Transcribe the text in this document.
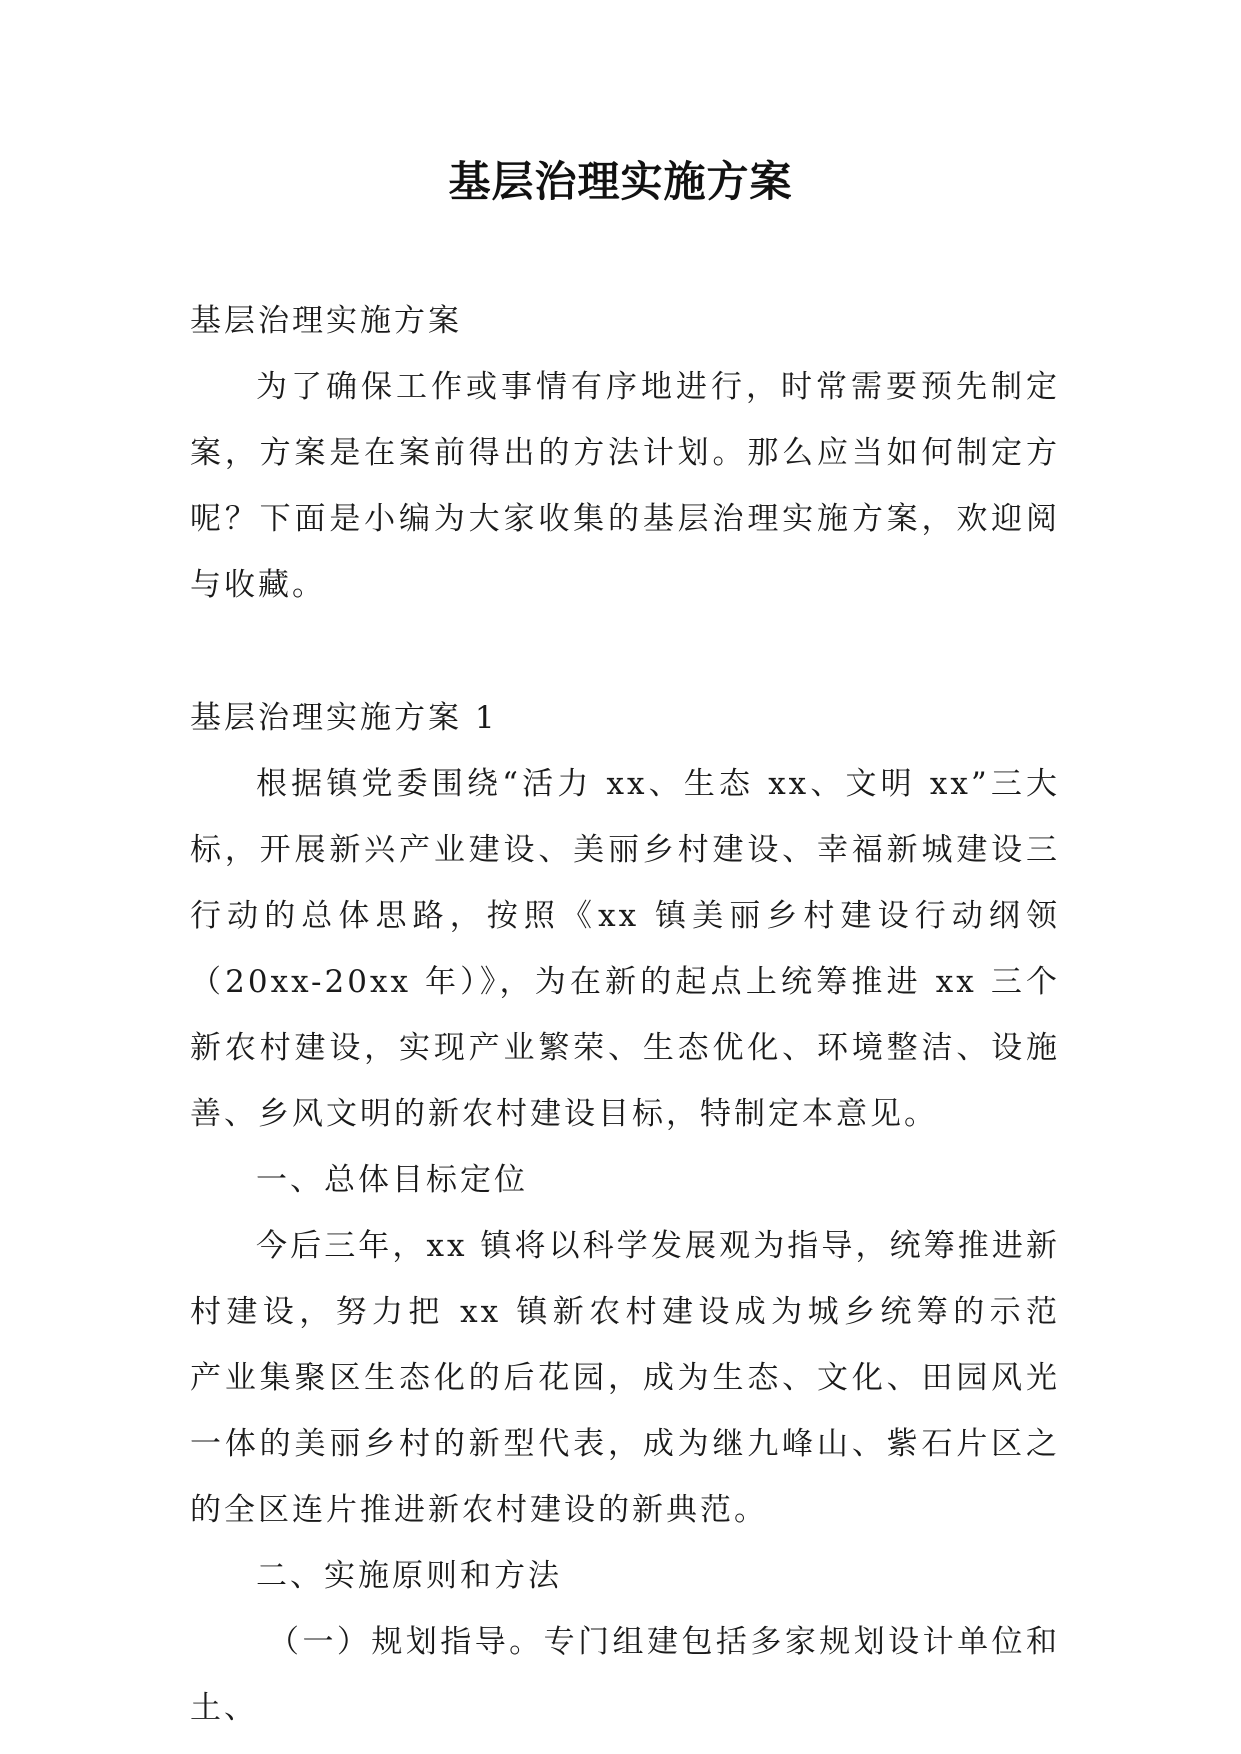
基层治理实施方案
基层治理实施方案
为了确保工作或事情有序地进行，时常需要预先制定
案，方案是在案前得出的方法计划。那么应当如何制定方
呢？下面是小编为大家收集的基层治理实施方案，欢迎阅
与收藏。
基层治理实施方案 1
根据镇党委围绕“活力 xx、生态 xx、文明 xx”三大
标，开展新兴产业建设、美丽乡村建设、幸福新城建设三
行动的总体思路，按照《xx 镇美丽乡村建设行动纲领
（20xx-20xx 年）》，为在新的起点上统筹推进 xx 三个
新农村建设，实现产业繁荣、生态优化、环境整洁、设施
善、乡风文明的新农村建设目标，特制定本意见。
一、总体目标定位
今后三年，xx 镇将以科学发展观为指导，统筹推进新
村建设，努力把 xx 镇新农村建设成为城乡统筹的示范
产业集聚区生态化的后花园，成为生态、文化、田园风光
一体的美丽乡村的新型代表，成为继九峰山、紫石片区之
的全区连片推进新农村建设的新典范。
二、实施原则和方法
（一）规划指导。专门组建包括多家规划设计单位和
土、
